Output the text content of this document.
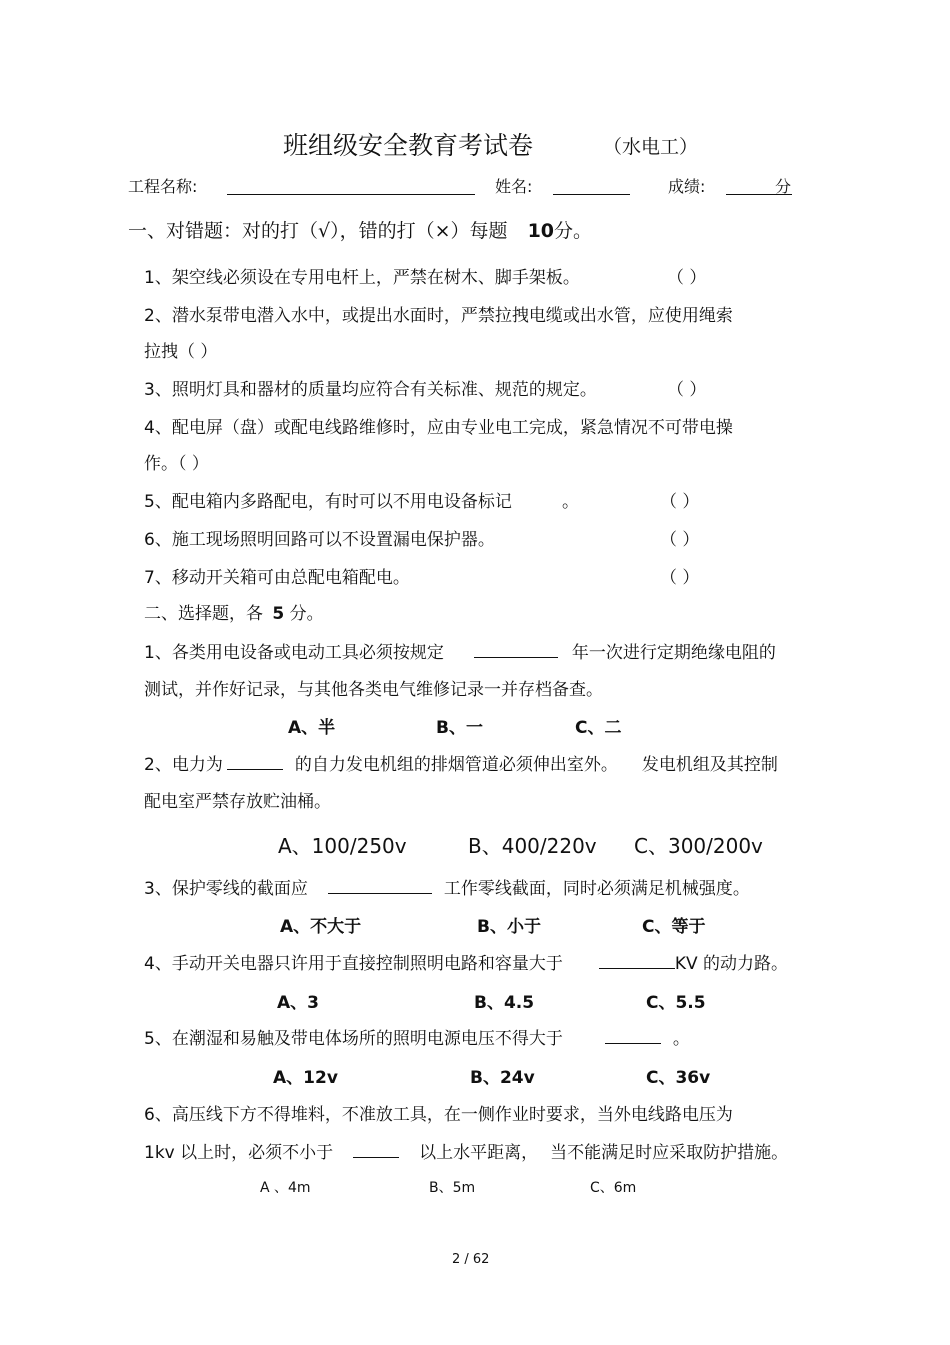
班组级安全教育考试卷	（水电工）
工程名称:	姓名:	成绩:	分
一、对错题：对的打（√），错的打（×）每题 10分。
1、架空线必须设在专用电杆上，严禁在树木、脚手架板。	（ ）
2、潜水泵带电潜入水中，或提出水面时，严禁拉拽电缆或出水管，应使用绳索
拉拽（ ）
3、照明灯具和器材的质量均应符合有关标准、规范的规定。	（ ）
4、配电屏（盘）或配电线路维修时，应由专业电工完成，紧急情况不可带电操
作。（ ）
5、配电箱内多路配电，有时可以不用电设备标记	。	（ ）
6、施工现场照明回路可以不设置漏电保护器。	（ ）
7、移动开关箱可由总配电箱配电。	（ ）
二、选择题，各 5 分。
1、各类用电设备或电动工具必须按规定	年一次进行定期绝缘电阻的
测试，并作好记录，与其他各类电气维修记录一并存档备查。
A、半	B、一	C、二
2、电力为	的自力发电机组的排烟管道必须伸出室外。 发电机组及其控制
配电室严禁存放贮油桶。
A、100/250v	B、400/220v C、300/200v
3、保护零线的截面应	工作零线截面，同时必须满足机械强度。
A、不大于	B、小于	C、等于
4、手动开关电器只许用于直接控制照明电路和容量大于	KV 的动力路。
A、3	B、4.5	C、5.5
5、在潮湿和易触及带电体场所的照明电源电压不得大于	。
A、12v	B、24v	C、36v
6、高压线下方不得堆料，不准放工具，在一侧作业时要求，当外电线路电压为
1kv 以上时，必须不小于	以上水平距离， 当不能满足时应采取防护措施。
A 、4m	B、5m	C、6m
2 / 62
